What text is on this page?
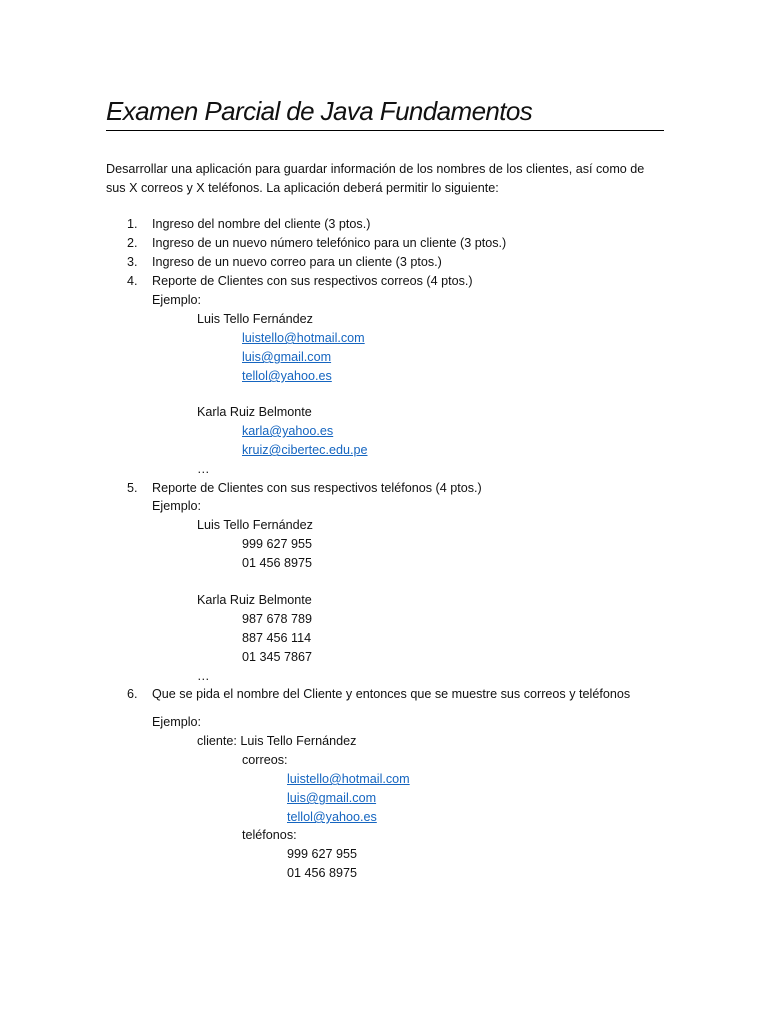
Examen Parcial de Java Fundamentos

Desarrollar una aplicación para guardar información de los nombres de los clientes, así como de
sus X correos y X teléfonos. La aplicación deberá permitir lo siguiente:

1. Ingreso del nombre del cliente (3 ptos.)
2. Ingreso de un nuevo número telefónico para un cliente (3 ptos.)
3. Ingreso de un nuevo correo para un cliente (3 ptos.)
4. Reporte de Clientes con sus respectivos correos (4 ptos.)
Ejemplo:
Luis Tello Fernández
luistello@hotmail.com
luis@gmail.com
tellol@yahoo.es
Karla Ruiz Belmonte
karla@yahoo.es
kruiz@cibertec.edu.pe
…
5. Reporte de Clientes con sus respectivos teléfonos (4 ptos.)
Ejemplo:
Luis Tello Fernández
999 627 955
01 456 8975
Karla Ruiz Belmonte
987 678 789
887 456 114
01 345 7867
…
6. Que se pida el nombre del Cliente y entonces que se muestre sus correos y teléfonos
Ejemplo:
cliente: Luis Tello Fernández
correos:
luistello@hotmail.com
luis@gmail.com
tellol@yahoo.es
teléfonos:
999 627 955
01 456 8975
